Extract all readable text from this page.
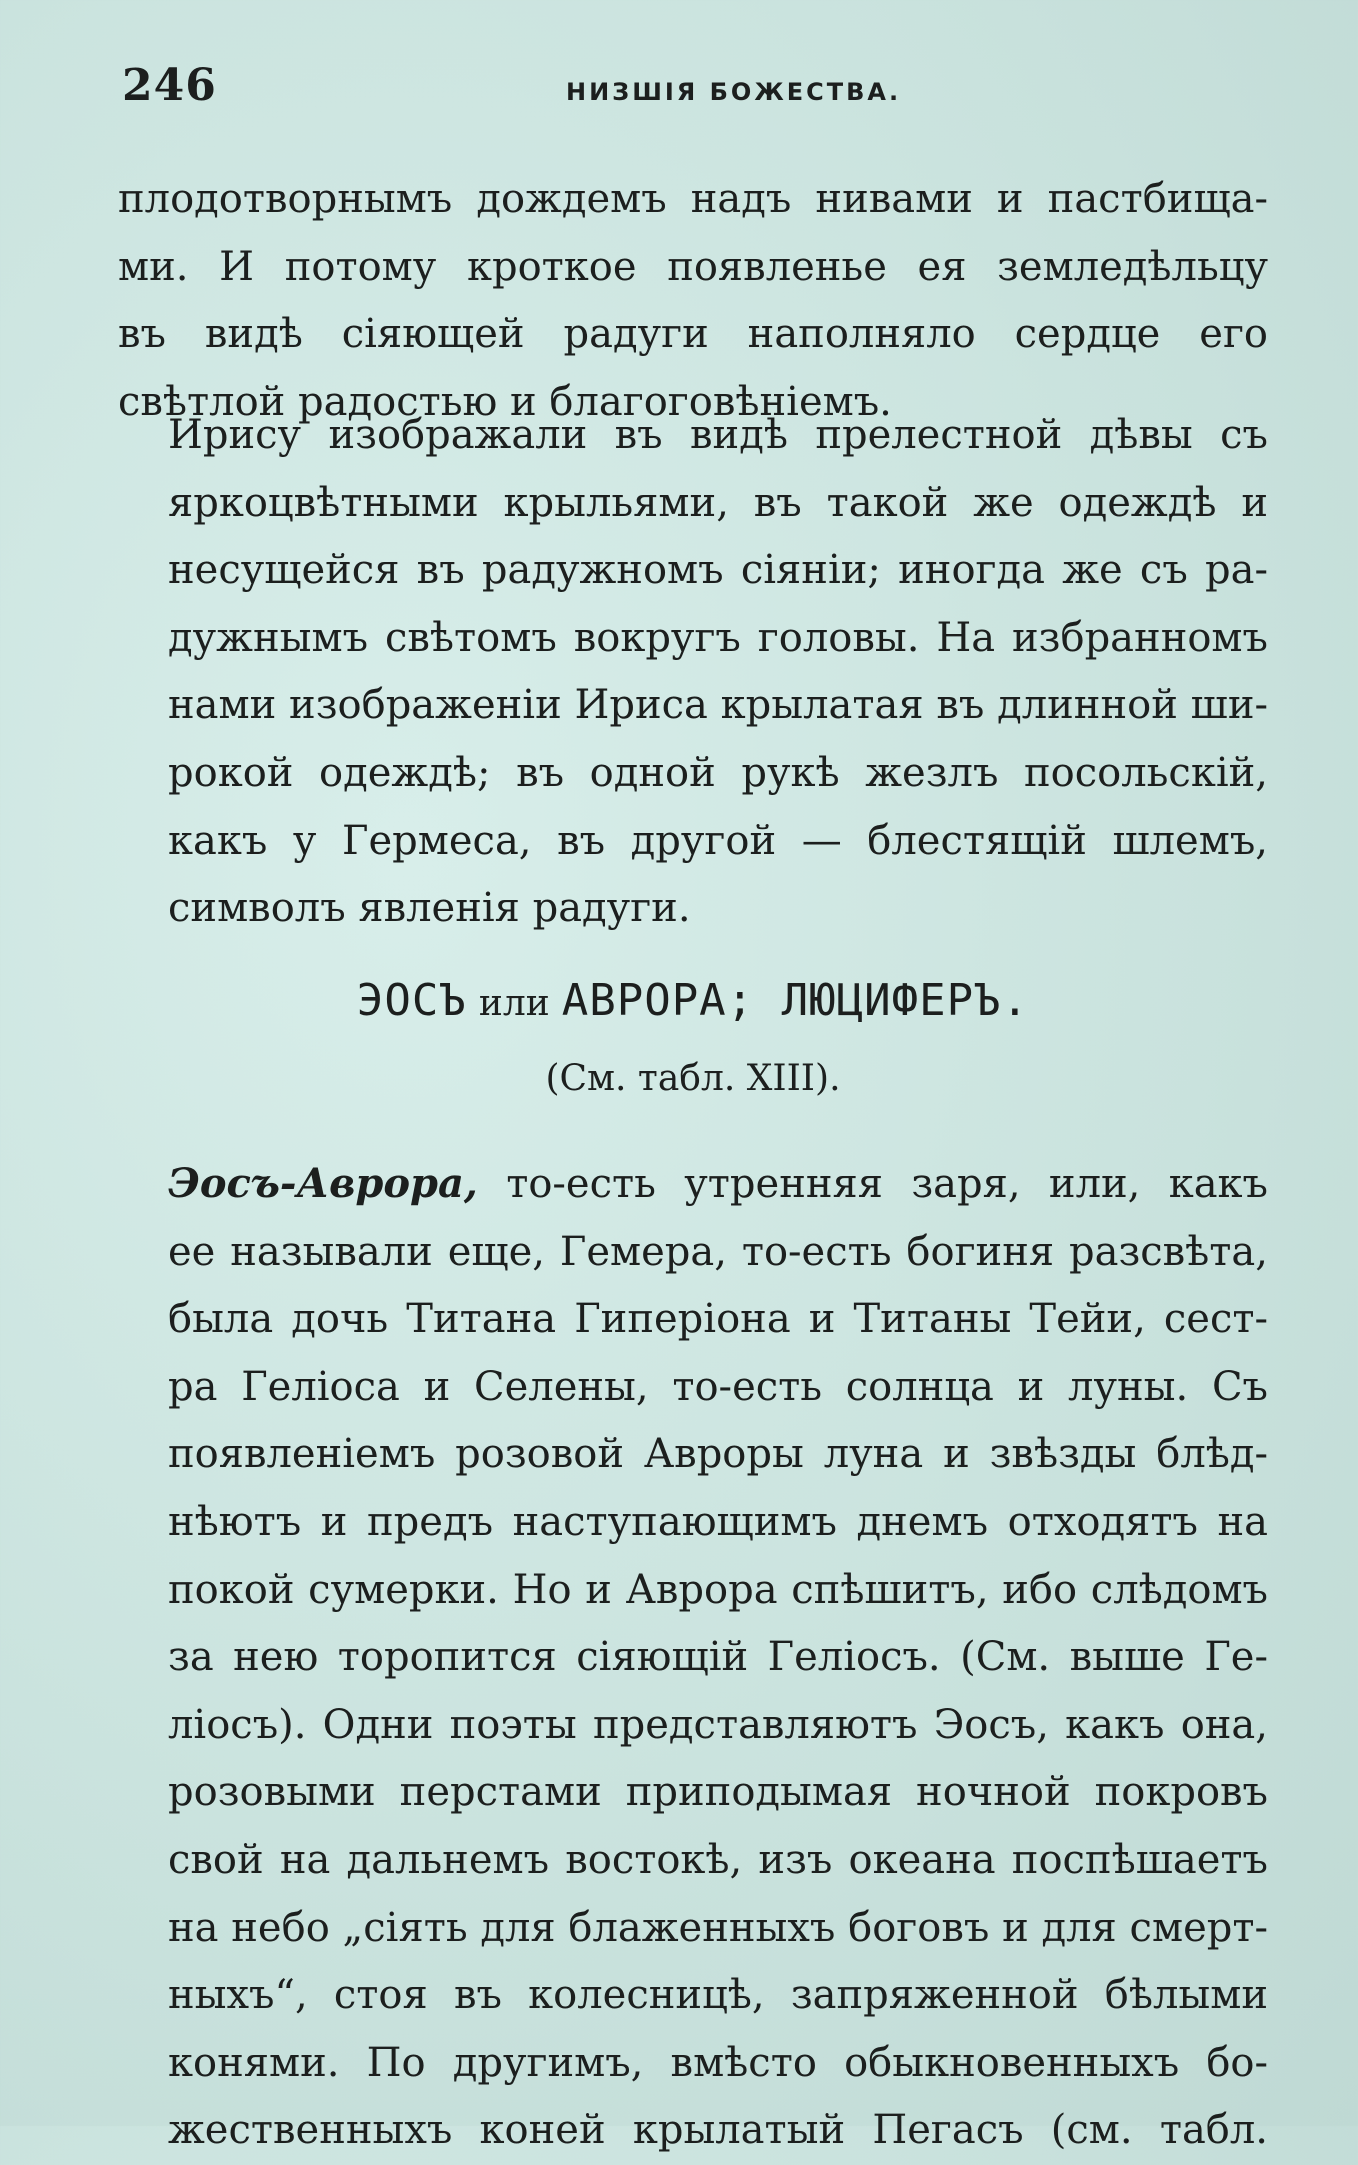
246	НИЗШІЯ БОЖЕСТВА.
плодотворнымъ дождемъ надъ нивами и пастбища-
ми. И потому кроткое появленье ея земледѣльцу
въ видѣ сіяющей радуги наполняло сердце его
свѣтлой радостью и благоговѣніемъ.
Ирису изображали въ видѣ прелестной дѣвы съ
яркоцвѣтными крыльями, въ такой же одеждѣ и
несущейся въ радужномъ сіяніи; иногда же съ ра-
дужнымъ свѣтомъ вокругъ головы. На избранномъ
нами изображеніи Ириса крылатая въ длинной ши-
рокой одеждѣ; въ одной рукѣ жезлъ посольскій,
какъ у Гермеса, въ другой — блестящій шлемъ,
символъ явленія радуги.
ЭОСЪ или АВРОРА; ЛЮЦИФЕРЪ.
(См. табл. XIII).
Эосъ-Аврора, то-есть утренняя заря, или, какъ
ее называли еще, Гемера, то-есть богиня разсвѣта,
была дочь Титана Гиперіона и Титаны Тейи, сест-
ра Геліоса и Селены, то-есть солнца и луны. Съ
появленіемъ розовой Авроры луна и звѣзды блѣд-
нѣютъ и предъ наступающимъ днемъ отходятъ на
покой сумерки. Но и Аврора спѣшитъ, ибо слѣдомъ
за нею торопится сіяющій Геліосъ. (См. выше Ге-
ліосъ). Одни поэты представляютъ Эосъ, какъ она,
розовыми перстами приподымая ночной покровъ
свой на дальнемъ востокѣ, изъ океана поспѣшаетъ
на небо „сіять для блаженныхъ боговъ и для смерт-
ныхъ“, стоя въ колесницѣ, запряженной бѣлыми
конями. По другимъ, вмѣсто обыкновенныхъ бо-
жественныхъ коней крылатый Пегасъ (см. табл.
